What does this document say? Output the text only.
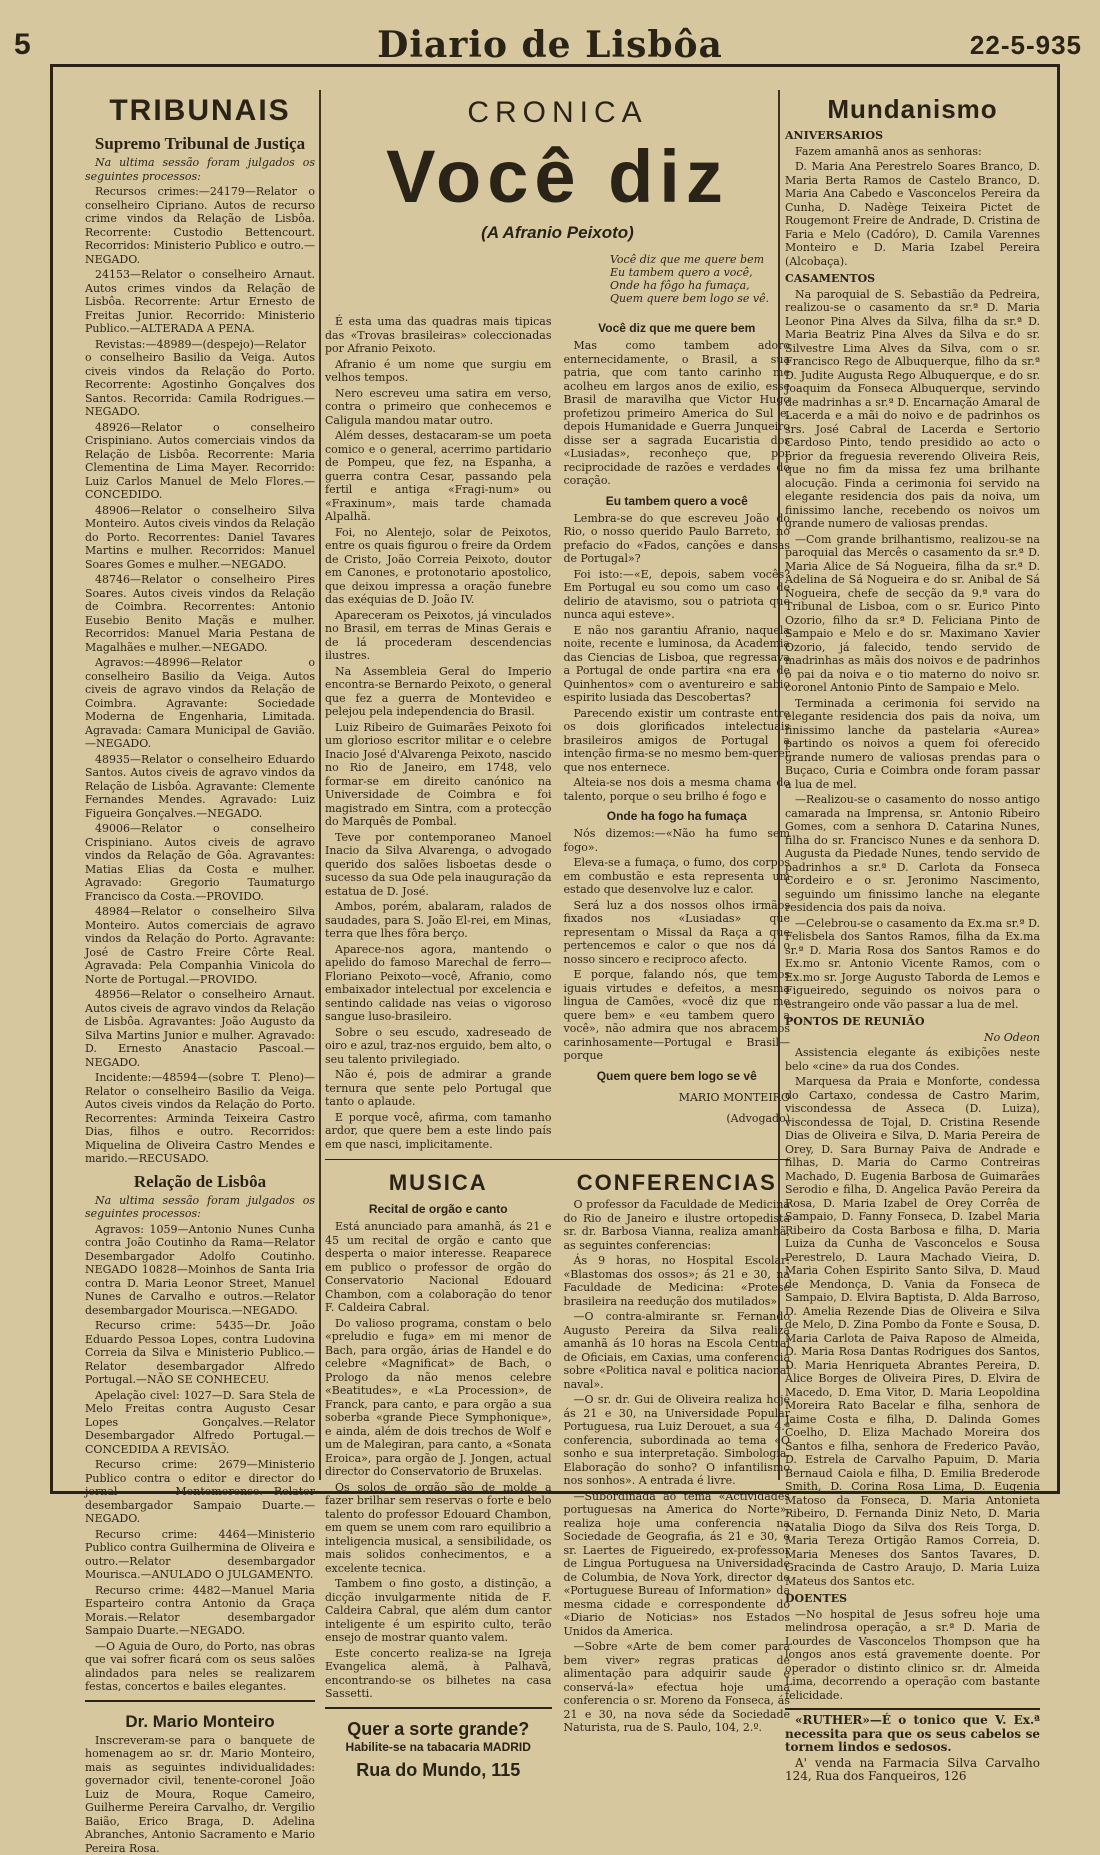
5	Diario de Lisbôa	22-5-935
TRIBUNAIS
Supremo Tribunal de Justiça

Na ultima sessão foram julgados os seguintes processos:

Recursos crimes:—24179—Relator o conselheiro Cipriano. Autos de recurso crime vindos da Relação de Lisbôa. Recorrente: Custodio Bettencourt. Recorridos: Ministerio Publico e outro.—NEGADO.

24153—Relator o conselheiro Arnaut. Autos crimes vindos da Relação de Lisbôa. Recorrente: Artur Ernesto de Freitas Junior. Recorrido: Ministerio Publico.—ALTERADA A PENA.

Revistas:—48989—(despejo)—Relator o conselheiro Basilio da Veiga. Autos civeis vindos da Relação do Porto. Recorrente: Agostinho Gonçalves dos Santos. Recorrida: Camila Rodrigues.—NEGADO.

48926—Relator o conselheiro Crispiniano. Autos comerciais vindos da Relação de Lisbôa. Recorrente: Maria Clementina de Lima Mayer. Recorrido: Luiz Carlos Manuel de Melo Flores.—CONCEDIDO.

48906—Relator o conselheiro Silva Monteiro. Autos civeis vindos da Relação do Porto. Recorrentes: Daniel Tavares Martins e mulher. Recorridos: Manuel Soares Gomes e mulher.—NEGADO.

48746—Relator o conselheiro Pires Soares. Autos civeis vindos da Relação de Coimbra. Recorrentes: Antonio Eusebio Benito Maçãs e mulher. Recorridos: Manuel Maria Pestana de Magalhães e mulher.—NEGADO.

Agravos:—48996—Relator o conselheiro Basilio da Veiga. Autos civeis de agravo vindos da Relação de Coimbra. Agravante: Sociedade Moderna de Engenharia, Limitada. Agravada: Camara Municipal de Gavião.—NEGADO.

48935—Relator o conselheiro Eduardo Santos. Autos civeis de agravo vindos da Relação de Lisbôa. Agravante: Clemente Fernandes Mendes. Agravado: Luiz Figueira Gonçalves.—NEGADO.

49006—Relator o conselheiro Crispiniano. Autos civeis de agravo vindos da Relação de Gôa. Agravantes: Matias Elias da Costa e mulher. Agravado: Gregorio Taumaturgo Francisco da Costa.—PROVIDO.

48984—Relator o conselheiro Silva Monteiro. Autos comerciais de agravo vindos da Relação do Porto. Agravante: José de Castro Freire Côrte Real. Agravada: Pela Companhia Vinicola do Norte de Portugal.—PROVIDO.

48956—Relator o conselheiro Arnaut. Autos civeis de agravo vindos da Relação de Lisbôa. Agravantes: João Augusto da Silva Martins Junior e mulher. Agravado: D. Ernesto Anastacio Pascoal.—NEGADO.

Incidente:—48594—(sobre T. Pleno)—Relator o conselheiro Basilio da Veiga. Autos civeis vindos da Relação do Porto. Recorrentes: Arminda Teixeira Castro Dias, filhos e outro. Recorridos: Miquelina de Oliveira Castro Mendes e marido.—RECUSADO.

Relação de Lisbôa

Na ultima sessão foram julgados os seguintes processos:

Agravos: 1059—Antonio Nunes Cunha contra João Coutinho da Rama—Relator Desembargador Adolfo Coutinho. NEGADO 10828—Moinhos de Santa Iria contra D. Maria Leonor Street, Manuel Nunes de Carvalho e outros.—Relator desembargador Mourisca.—NEGADO.

Recurso crime: 5435—Dr. João Eduardo Pessoa Lopes, contra Ludovina Correia da Silva e Ministerio Publico.—Relator desembargador Alfredo Portugal.—NÃO SE CONHECEU.

Apelação civel: 1027—D. Sara Stela de Melo Freitas contra Augusto Cesar Lopes Gonçalves.—Relator Desembargador Alfredo Portugal.—CONCEDIDA A REVISÃO.

Recurso crime: 2679—Ministerio Publico contra o editor e director do jornal Montemorense.—Relator desembargador Sampaio Duarte.—NEGADO.

Recurso crime: 4464—Ministerio Publico contra Guilhermina de Oliveira e outro.—Relator desembargador Mourisca.—ANULADO O JULGAMENTO.

Recurso crime: 4482—Manuel Maria Esparteiro contra Antonio da Graça Morais.—Relator desembargador Sampaio Duarte.—NEGADO.

—O Aguia de Ouro, do Porto, nas obras que vai sofrer ficará com os seus salões alindados para neles se realizarem festas, concertos e bailes elegantes.

Dr. Mario Monteiro

Inscreveram-se para o banquete de homenagem ao sr. dr. Mario Monteiro, mais as seguintes individualidades: governador civil, tenente-coronel João Luiz de Moura, Roque Cameiro, Guilherme Pereira Carvalho, dr. Vergilio Baião, Erico Braga, D. Adelina Abranches, Antonio Sacramento e Mario Pereira Rosa.

CRONICA
Você diz
(A Afranio Peixoto)
Você diz que me quere bem
Eu tambem quero a você,
Onde ha fôgo ha fumaça,
Quem quere bem logo se vê.

É esta uma das quadras mais tipicas das «Trovas brasileiras» coleccionadas por Afranio Peixoto.

Afranio é um nome que surgiu em velhos tempos.

Nero escreveu uma satira em verso, contra o primeiro que conhecemos e Caligula mandou matar outro.

Além desses, destacaram-se um poeta comico e o general, acerrimo partidario de Pompeu, que fez, na Espanha, a guerra contra Cesar, passando pela fertil e antiga «Fragi-num» ou «Fraxinum», mais tarde chamada Alpalhã.

Foi, no Alentejo, solar de Peixotos, entre os quais figurou o freire da Ordem de Cristo, João Correia Peixoto, doutor em Canones, e protonotario apostolico, que deixou impressa a oração funebre das exéquias de D. João IV.

Apareceram os Peixotos, já vinculados no Brasil, em terras de Minas Gerais e de lá procederam descendencias ilustres.

Na Assembleia Geral do Imperio encontra-se Bernardo Peixoto, o general que fez a guerra de Montevideo e pelejou pela independencia do Brasil.

Luiz Ribeiro de Guimarães Peixoto foi um glorioso escritor militar e o celebre Inacio José d'Alvarenga Peixoto, nascido no Rio de Janeiro, em 1748, velo formar-se em direito canónico na Universidade de Coimbra e foi magistrado em Sintra, com a protecção do Marquês de Pombal.

Teve por contemporaneo Manoel Inacio da Silva Alvarenga, o advogado querido dos salões lisboetas desde o sucesso da sua Ode pela inauguração da estatua de D. José.

Ambos, porém, abalaram, ralados de saudades, para S. João El-rei, em Minas, terra que lhes fôra berço.

Aparece-nos agora, mantendo o apelido do famoso Marechal de ferro—Floriano Peixoto—você, Afranio, como embaixador intelectual por excelencia e sentindo calidade nas veias o vigoroso sangue luso-brasileiro.

Sobre o seu escudo, xadreseado de oiro e azul, traz-nos erguido, bem alto, o seu talento privilegiado.

Não é, pois de admirar a grande ternura que sente pelo Portugal que tanto o aplaude.

E porque você, afirma, com tamanho ardor, que quere bem a este lindo país em que nasci, implicitamente.

Você diz que me quere bem

Mas como tambem adoro enternecidamente, o Brasil, a sua patria, que com tanto carinho me acolheu em largos anos de exilio, esse Brasil de maravilha que Victor Hugo profetizou primeiro America do Sul e, depois Humanidade e Guerra Junqueiro disse ser a sagrada Eucaristia dos «Lusiadas», reconheço que, por reciprocidade de razões e verdades do coração.

Eu tambem quero a você

Lembra-se do que escreveu João do Rio, o nosso querido Paulo Barreto, no prefacio do «Fados, canções e dansas de Portugal»?

Foi isto:—«E, depois, sabem vocês? Em Portugal eu sou como um caso de delirio de atavismo, sou o patriota que nunca aqui esteve».

E não nos garantiu Afranio, naquela noite, recente e luminosa, da Academia das Ciencias de Lisboa, que regressava a Portugal de onde partira «na era de Quinhentos» com o aventureiro e sabio espirito lusiada das Descobertas?

Parecendo existir um contraste entre os dois glorificados intelectuais brasileiros amigos de Portugal a intenção firma-se no mesmo bem-querer que nos enternece.

Alteia-se nos dois a mesma chama do talento, porque o seu brilho é fogo e

Onde ha fogo ha fumaça

Nós dizemos:—«Não ha fumo sem fogo».

Eleva-se a fumaça, o fumo, dos corpos em combustão e esta representa um estado que desenvolve luz e calor.

Será luz a dos nossos olhos irmãos fixados nos «Lusiadas» que representam o Missal da Raça a que pertencemos e calor o que nos dá o nosso sincero e reciproco afecto.

E porque, falando nós, que temos iguais virtudes e defeitos, a mesma lingua de Camões, «você diz que me quere bem» e «eu tambem quero a você», não admira que nos abracemos carinhosamente—Portugal e Brasil—porque

Quem quere bem logo se vê
MARIO MONTEIRO
(Advogado)
MUSICA
Recital de orgão e canto

Está anunciado para amanhã, ás 21 e 45 um recital de orgão e canto que desperta o maior interesse. Reaparece em publico o professor de orgão do Conservatorio Nacional Edouard Chambon, com a colaboração do tenor F. Caldeira Cabral.

Do valioso programa, constam o belo «preludio e fuga» em mi menor de Bach, para orgão, árias de Handel e do celebre «Magnificat» de Bach, o Prologo da não menos celebre «Beatitudes», e «La Procession», de Franck, para canto, e para orgão a sua soberba «grande Piece Symphonique», e ainda, além de dois trechos de Wolf e um de Malegiran, para canto, a «Sonata Eroica», para orgão de J. Jongen, actual director do Conservatorio de Bruxelas.

Os solos de orgão são de molde a fazer brilhar sem reservas o forte e belo talento do professor Edouard Chambon, em quem se unem com raro equilibrio a inteligencia musical, a sensibilidade, os mais solidos conhecimentos, e a excelente tecnica.

Tambem o fino gosto, a distinção, a dicção invulgarmente nitida de F. Caldeira Cabral, que além dum cantor inteligente é um espirito culto, terão ensejo de mostrar quanto valem.

Este concerto realiza-se na Igreja Evangelica alemã, à Palhavã, encontrando-se os bilhetes na casa Sassetti.

Quer a sorte grande?
Habilite-se na tabacaria MADRID
Rua do Mundo, 115
CONFERENCIAS

O professor da Faculdade de Medicina do Rio de Janeiro e ilustre ortopedista sr. dr. Barbosa Vianna, realiza amanhã, as seguintes conferencias:

Ás 9 horas, no Hospital Escolar: «Blastomas dos ossos»; ás 21 e 30, na Faculdade de Medicina: «Protese brasileira na reedução dos mutilados».

—O contra-almirante sr. Fernando Augusto Pereira da Silva realiza amanhã ás 10 horas na Escola Central de Oficiais, em Caxias, uma conferencia sobre «Politica naval e politica nacional naval».

—O sr. dr. Gui de Oliveira realiza hoje ás 21 e 30, na Universidade Popular Portuguesa, rua Luiz Derouet, a sua 4.ª conferencia, subordinada ao tema «O sonho e sua interpretação. Simbologia. Elaboração do sonho? O infantilismo nos sonhos». A entrada é livre.

—Subordinada ao tema «Actividades portuguesas na America do Norte», realiza hoje uma conferencia na Sociedade de Geografia, ás 21 e 30, o sr. Laertes de Figueiredo, ex-professor de Lingua Portuguesa na Universidade de Columbia, de Nova York, director do «Portuguese Bureau of Information» da mesma cidade e correspondente do «Diario de Noticias» nos Estados Unidos da America.

—Sobre «Arte de bem comer para bem viver» regras praticas de alimentação para adquirir saude e conservá-la» efectua hoje uma conferencia o sr. Moreno da Fonseca, ás 21 e 30, na nova séde da Sociedade Naturista, rua de S. Paulo, 104, 2.º.

Mundanismo
ANIVERSARIOS

Fazem amanhã anos as senhoras:

D. Maria Ana Perestrelo Soares Branco, D. Maria Berta Ramos de Castelo Branco, D. Maria Ana Cabedo e Vasconcelos Pereira da Cunha, D. Nadège Teixeira Pictet de Rougemont Freire de Andrade, D. Cristina de Faria e Melo (Cadóro), D. Camila Varennes Monteiro e D. Maria Izabel Pereira (Alcobaça).

CASAMENTOS

Na paroquial de S. Sebastião da Pedreira, realizou-se o casamento da sr.ª D. Maria Leonor Pina Alves da Silva, filha da sr.ª D. Maria Beatriz Pina Alves da Silva e do sr. Silvestre Lima Alves da Silva, com o sr. Francisco Rego de Albuquerque, filho da sr.ª D. Judite Augusta Rego Albuquerque, e do sr. Joaquim da Fonseca Albuquerque, servindo de madrinhas a sr.ª D. Encarnação Amaral de Lacerda e a mãi do noivo e de padrinhos os srs. José Cabral de Lacerda e Sertorio Cardoso Pinto, tendo presidido ao acto o prior da freguesia reverendo Oliveira Reis, que no fim da missa fez uma brilhante alocução. Finda a cerimonia foi servido na elegante residencia dos pais da noiva, um finissimo lanche, recebendo os noivos um grande numero de valiosas prendas.

—Com grande brilhantismo, realizou-se na paroquial das Mercês o casamento da sr.ª D. Maria Alice de Sá Nogueira, filha da sr.ª D. Adelina de Sá Nogueira e do sr. Anibal de Sá Nogueira, chefe de secção da 9.ª vara do Tribunal de Lisboa, com o sr. Eurico Pinto Ozorio, filho da sr.ª D. Feliciana Pinto de Sampaio e Melo e do sr. Maximano Xavier Ozorio, já falecido, tendo servido de madrinhas as mãis dos noivos e de padrinhos o pai da noiva e o tio materno do noivo sr. coronel Antonio Pinto de Sampaio e Melo.

Terminada a cerimonia foi servido na elegante residencia dos pais da noiva, um finissimo lanche da pastelaria «Aurea» partindo os noivos a quem foi oferecido grande numero de valiosas prendas para o Buçaco, Curia e Coimbra onde foram passar a lua de mel.

—Realizou-se o casamento do nosso antigo camarada na Imprensa, sr. Antonio Ribeiro Gomes, com a senhora D. Catarina Nunes, filha do sr. Francisco Nunes e da senhora D. Augusta da Piedade Nunes, tendo servido de padrinhos a sr.ª D. Carlota da Fonseca Cordeiro e o sr. Jeronimo Nascimento, seguindo um finissimo lanche na elegante residencia dos pais da noiva.

—Celebrou-se o casamento da Ex.ma sr.ª D. Felisbela dos Santos Ramos, filha da Ex.ma sr.ª D. Maria Rosa dos Santos Ramos e do Ex.mo sr. Antonio Vicente Ramos, com o Ex.mo sr. Jorge Augusto Taborda de Lemos e Figueiredo, seguindo os noivos para o estrangeiro onde vão passar a lua de mel.

PONTOS DE REUNIÃO

No Odeon

Assistencia elegante ás exibições neste belo «cine» da rua dos Condes.

Marquesa da Praia e Monforte, condessa do Cartaxo, condessa de Castro Marim, viscondessa de Asseca (D. Luiza), viscondessa de Tojal, D. Cristina Resende Dias de Oliveira e Silva, D. Maria Pereira de Orey, D. Sara Burnay Paiva de Andrade e filhas, D. Maria do Carmo Contreiras Machado, D. Eugenia Barbosa de Guimarães Serodio e filha, D. Angelica Pavão Pereira da Rosa, D. Maria Izabel de Orey Corrêa de Sampaio, D. Fanny Fonseca, D. Izabel Maria Ribeiro da Costa Barbosa e filha, D. Maria Luiza da Cunha de Vasconcelos e Sousa Perestrelo, D. Laura Machado Vieira, D. Maria Cohen Espirito Santo Silva, D. Maud de Mendonça, D. Vania da Fonseca de Sampaio, D. Elvira Baptista, D. Alda Barroso, D. Amelia Rezende Dias de Oliveira e Silva de Melo, D. Zina Pombo da Fonte e Sousa, D. Maria Carlota de Paiva Raposo de Almeida, D. Maria Rosa Dantas Rodrigues dos Santos, D. Maria Henriqueta Abrantes Pereira, D. Alice Borges de Oliveira Pires, D. Elvira de Macedo, D. Ema Vitor, D. Maria Leopoldina Moreira Rato Bacelar e filha, senhora de Jaime Costa e filha, D. Dalinda Gomes Coelho, D. Eliza Machado Moreira dos Santos e filha, senhora de Frederico Pavão, D. Estrela de Carvalho Papuim, D. Maria Bernaud Caiola e filha, D. Emilia Brederode Smith, D. Corina Rosa Lima, D. Eugenia Matoso da Fonseca, D. Maria Antonieta Ribeiro, D. Fernanda Diniz Neto, D. Maria Natalia Diogo da Silva dos Reis Torga, D. Maria Tereza Ortigão Ramos Correia, D. Maria Meneses dos Santos Tavares, D. Gracinda de Castro Araujo, D. Maria Luiza Mateus dos Santos etc.

DOENTES

—No hospital de Jesus sofreu hoje uma melindrosa operação, a sr.ª D. Maria de Lourdes de Vasconcelos Thompson que ha longos anos está gravemente doente. Por operador o distinto clinico sr. dr. Almeida Lima, decorrendo a operação com bastante felicidade.

«RUTHER»—É o tonico que V. Ex.ª necessita para que os seus cabelos se tornem lindos e sedosos.

A' venda na Farmacia Silva Carvalho 124, Rua dos Fanqueiros, 126
